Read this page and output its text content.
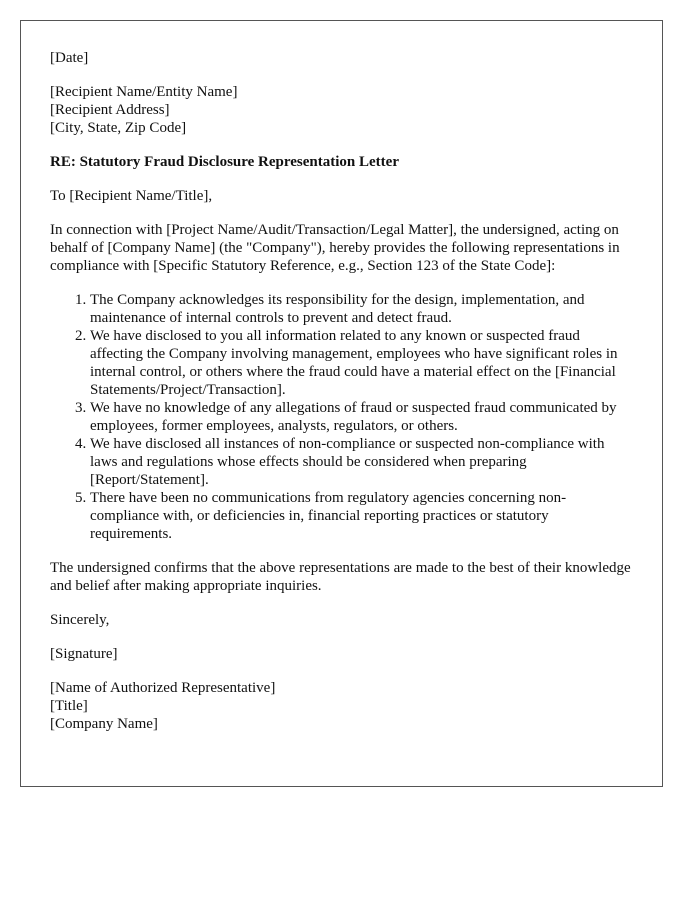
[Date]

[Recipient Name/Entity Name]
[Recipient Address]
[City, State, Zip Code]

RE: Statutory Fraud Disclosure Representation Letter

To [Recipient Name/Title],

In connection with [Project Name/Audit/Transaction/Legal Matter], the undersigned, acting on behalf of [Company Name] (the "Company"), hereby provides the following representations in compliance with [Specific Statutory Reference, e.g., Section 123 of the State Code]:

1. The Company acknowledges its responsibility for the design, implementation, and maintenance of internal controls to prevent and detect fraud.
2. We have disclosed to you all information related to any known or suspected fraud affecting the Company involving management, employees who have significant roles in internal control, or others where the fraud could have a material effect on the [Financial Statements/Project/Transaction].
3. We have no knowledge of any allegations of fraud or suspected fraud communicated by employees, former employees, analysts, regulators, or others.
4. We have disclosed all instances of non-compliance or suspected non-compliance with laws and regulations whose effects should be considered when preparing [Report/Statement].
5. There have been no communications from regulatory agencies concerning non-compliance with, or deficiencies in, financial reporting practices or statutory requirements.

The undersigned confirms that the above representations are made to the best of their knowledge and belief after making appropriate inquiries.

Sincerely,

[Signature]

[Name of Authorized Representative]
[Title]
[Company Name]
